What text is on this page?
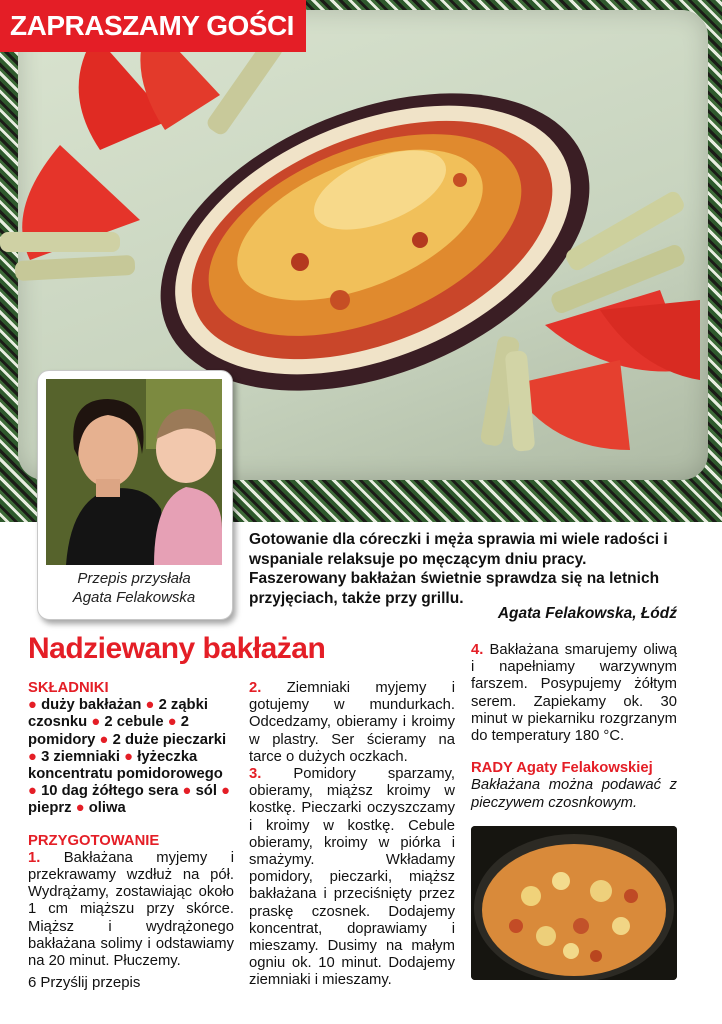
ZAPRASZAMY GOŚCI
Przepis przysłała
Agata Felakowska
Gotowanie dla córeczki i męża sprawia mi wiele radości i wspaniale relaksuje po męczącym dniu pracy. Faszerowany bakłażan świetnie sprawdza się na letnich przyjęciach, także przy grillu.
Agata Felakowska, Łódź
Nadziewany bakłażan

SKŁADNIKI

● duży bakłażan ● 2 ząbki czosnku ● 2 cebule ● 2 pomidory ● 2 duże pieczarki ● 3 ziemniaki ● łyżeczka koncentratu pomidorowego ● 10 dag żółtego sera ● sól ● pieprz ● oliwa

PRZYGOTOWANIE

1. Bakłażana myjemy i przekrawamy wzdłuż na pół. Wydrążamy, zostawiając około 1 cm miąższu przy skórce. Miąższ i wydrążonego bakłażana solimy i odstawiamy na 20 minut. Płuczemy.

2. Ziemniaki myjemy i gotujemy w mundurkach. Odcedzamy, obieramy i kroimy w plastry. Ser ścieramy na tarce o dużych oczkach.

3. Pomidory sparzamy, obieramy, miąższ kroimy w kostkę. Pieczarki oczyszczamy i kroimy w kostkę. Cebule obieramy, kroimy w piórka i smażymy. Wkładamy pomidory, pieczarki, miąższ bakłażana i przeciśnięty przez praskę czosnek. Dodajemy koncentrat, doprawiamy i mieszamy. Dusimy na małym ogniu ok. 10 minut. Dodajemy ziemniaki i mieszamy.

4. Bakłażana smarujemy oliwą i napełniamy warzywnym farszem. Posypujemy żółtym serem. Zapiekamy ok. 30 minut w piekarniku rozgrzanym do temperatury 180 °C.

RADY Agaty Felakowskiej

Bakłażana można podawać z pieczywem czosnkowym.

6 Przyślij przepis
